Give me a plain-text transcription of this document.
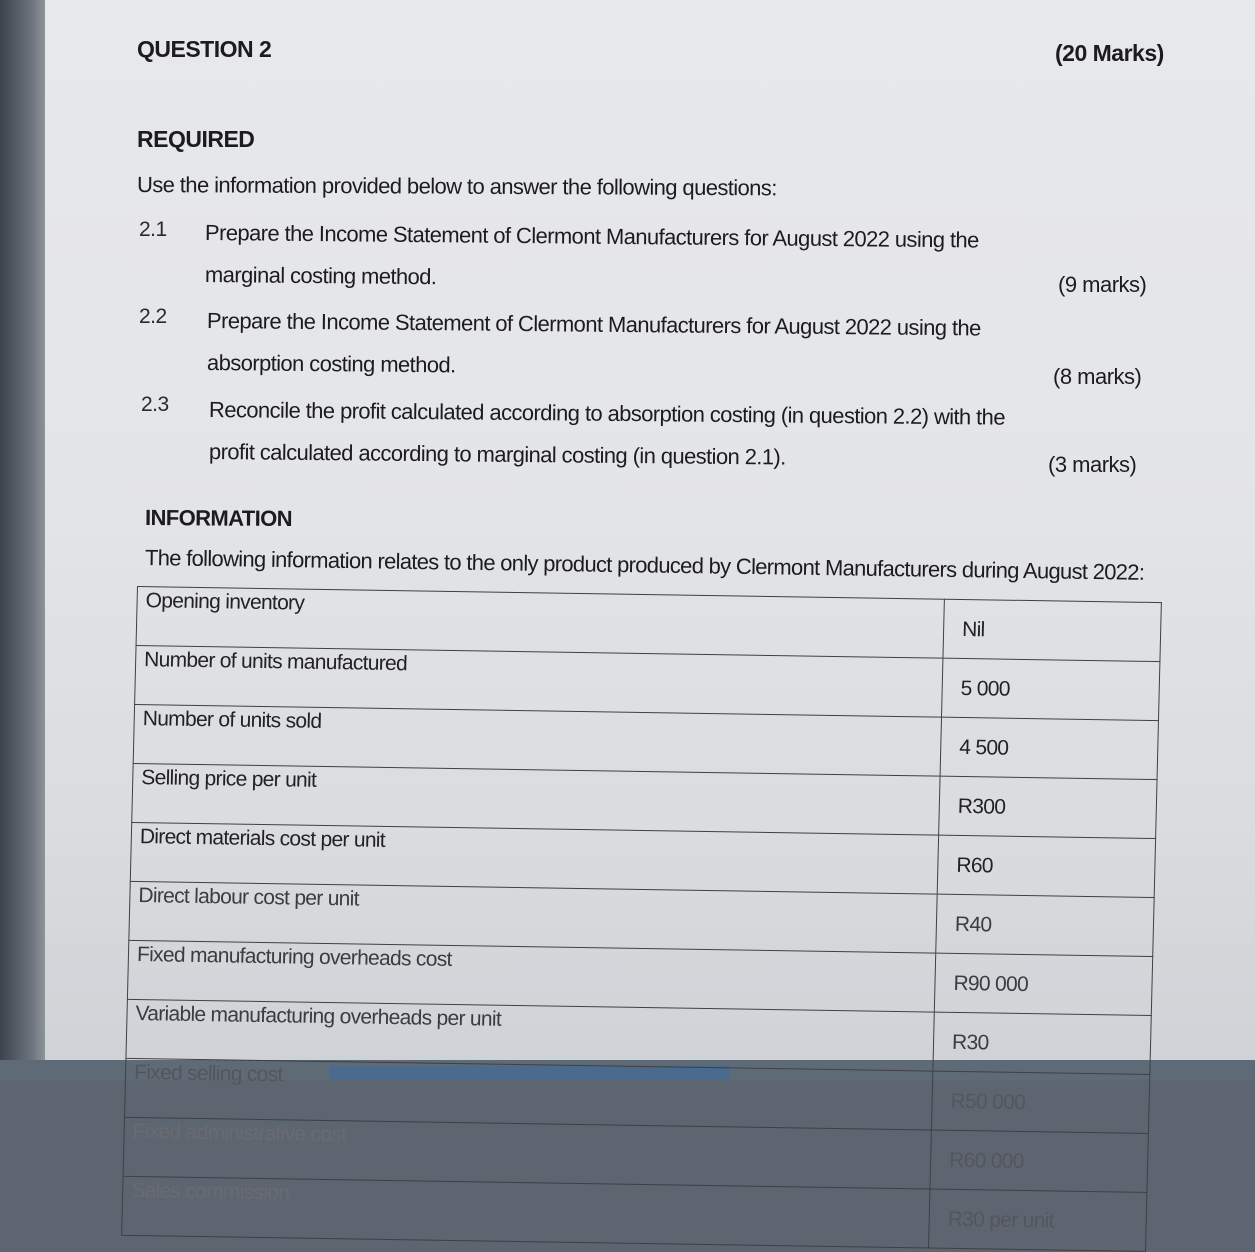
QUESTION 2	(20 Marks)
REQUIRED
Use the information provided below to answer the following questions:
2.1 Prepare the Income Statement of Clermont Manufacturers for August 2022 using the
marginal costing method.	(9 marks)
2.2 Prepare the Income Statement of Clermont Manufacturers for August 2022 using the
absorption costing method.	(8 marks)
2.3 Reconcile the profit calculated according to absorption costing (in question 2.2) with the
profit calculated according to marginal costing (in question 2.1).	(3 marks)
INFORMATION
The following information relates to the only product produced by Clermont Manufacturers during August 2022:
Opening inventory	Nil
Number of units manufactured	5 000
Number of units sold	4 500
Selling price per unit	R300
Direct materials cost per unit	R60
Direct labour cost per unit	R40
Fixed manufacturing overheads cost	R90 000
Variable manufacturing overheads per unit	R30
Fixed selling cost	R50 000
Fixed administrative cost	R60 000
Sales commission	R30 per unit
